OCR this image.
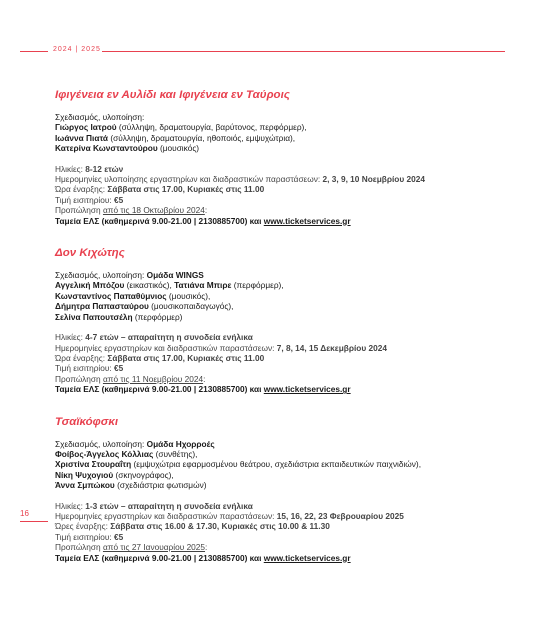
2024 | 2025
16
Ιφιγένεια εν Αυλίδι και Ιφιγένεια εν Ταύροις
Σχεδιασμός, υλοποίηση:
Γιώργος Ιατρού (σύλληψη, δραματουργία, βαρύτονος, περφόρμερ),
Ιωάννα Πιατά (σύλληψη, δραματουργία, ηθοποιός, εμψυχώτρια),
Κατερίνα Κωνσταντούρου (μουσικός)
Ηλικίες: 8-12 ετών
Ημερομηνίες υλοποίησης εργαστηρίων και διαδραστικών παραστάσεων: 2, 3, 9, 10 Νοεμβρίου 2024
Ώρα έναρξης: Σάββατα στις 17.00, Κυριακές στις 11.00
Τιμή εισιτηρίου: €5
Προπώληση από τις 18 Οκτωβρίου 2024:
Ταμεία ΕΛΣ (καθημερινά 9.00-21.00 | 2130885700) και www.ticketservices.gr
Δον Κιχώτης
Σχεδιασμός, υλοποίηση: Ομάδα WINGS
Αγγελική Μπόζου (εικαστικός), Τατιάνα Μπιρε (περφόρμερ),
Κωνσταντίνος Παπαθύμνιος (μουσικός),
Δήμητρα Παπασταύρου (μουσικοπαιδαγωγός),
Σελίνα Παπουτσέλη (περφόρμερ)
Ηλικίες: 4-7 ετών – απαραίτητη η συνοδεία ενήλικα
Ημερομηνίες εργαστηρίων και διαδραστικών παραστάσεων: 7, 8, 14, 15 Δεκεμβρίου 2024
Ώρα έναρξης: Σάββατα στις 17.00, Κυριακές στις 11.00
Τιμή εισιτηρίου: €5
Προπώληση από τις 11 Νοεμβρίου 2024:
Ταμεία ΕΛΣ (καθημερινά 9.00-21.00 | 2130885700) και www.ticketservices.gr
Τσαϊκόφσκι
Σχεδιασμός, υλοποίηση: Ομάδα Ηχορροές
Φοίβος-Άγγελος Κόλλιας (συνθέτης),
Χριστίνα Στουραΐτη (εμψυχώτρια εφαρμοσμένου θεάτρου, σχεδιάστρια εκπαιδευτικών παιχνιδιών),
Νίκη Ψυχογιού (σκηνογράφος),
Άννα Σμπώκου (σχεδιάστρια φωτισμών)
Ηλικίες: 1-3 ετών – απαραίτητη η συνοδεία ενήλικα
Ημερομηνίες εργαστηρίων και διαδραστικών παραστάσεων: 15, 16, 22, 23 Φεβρουαρίου 2025
Ώρες έναρξης: Σάββατα στις 16.00 & 17.30, Κυριακές στις 10.00 & 11.30
Τιμή εισιτηρίου: €5
Προπώληση από τις 27 Ιανουαρίου 2025:
Ταμεία ΕΛΣ (καθημερινά 9.00-21.00 | 2130885700) και www.ticketservices.gr
